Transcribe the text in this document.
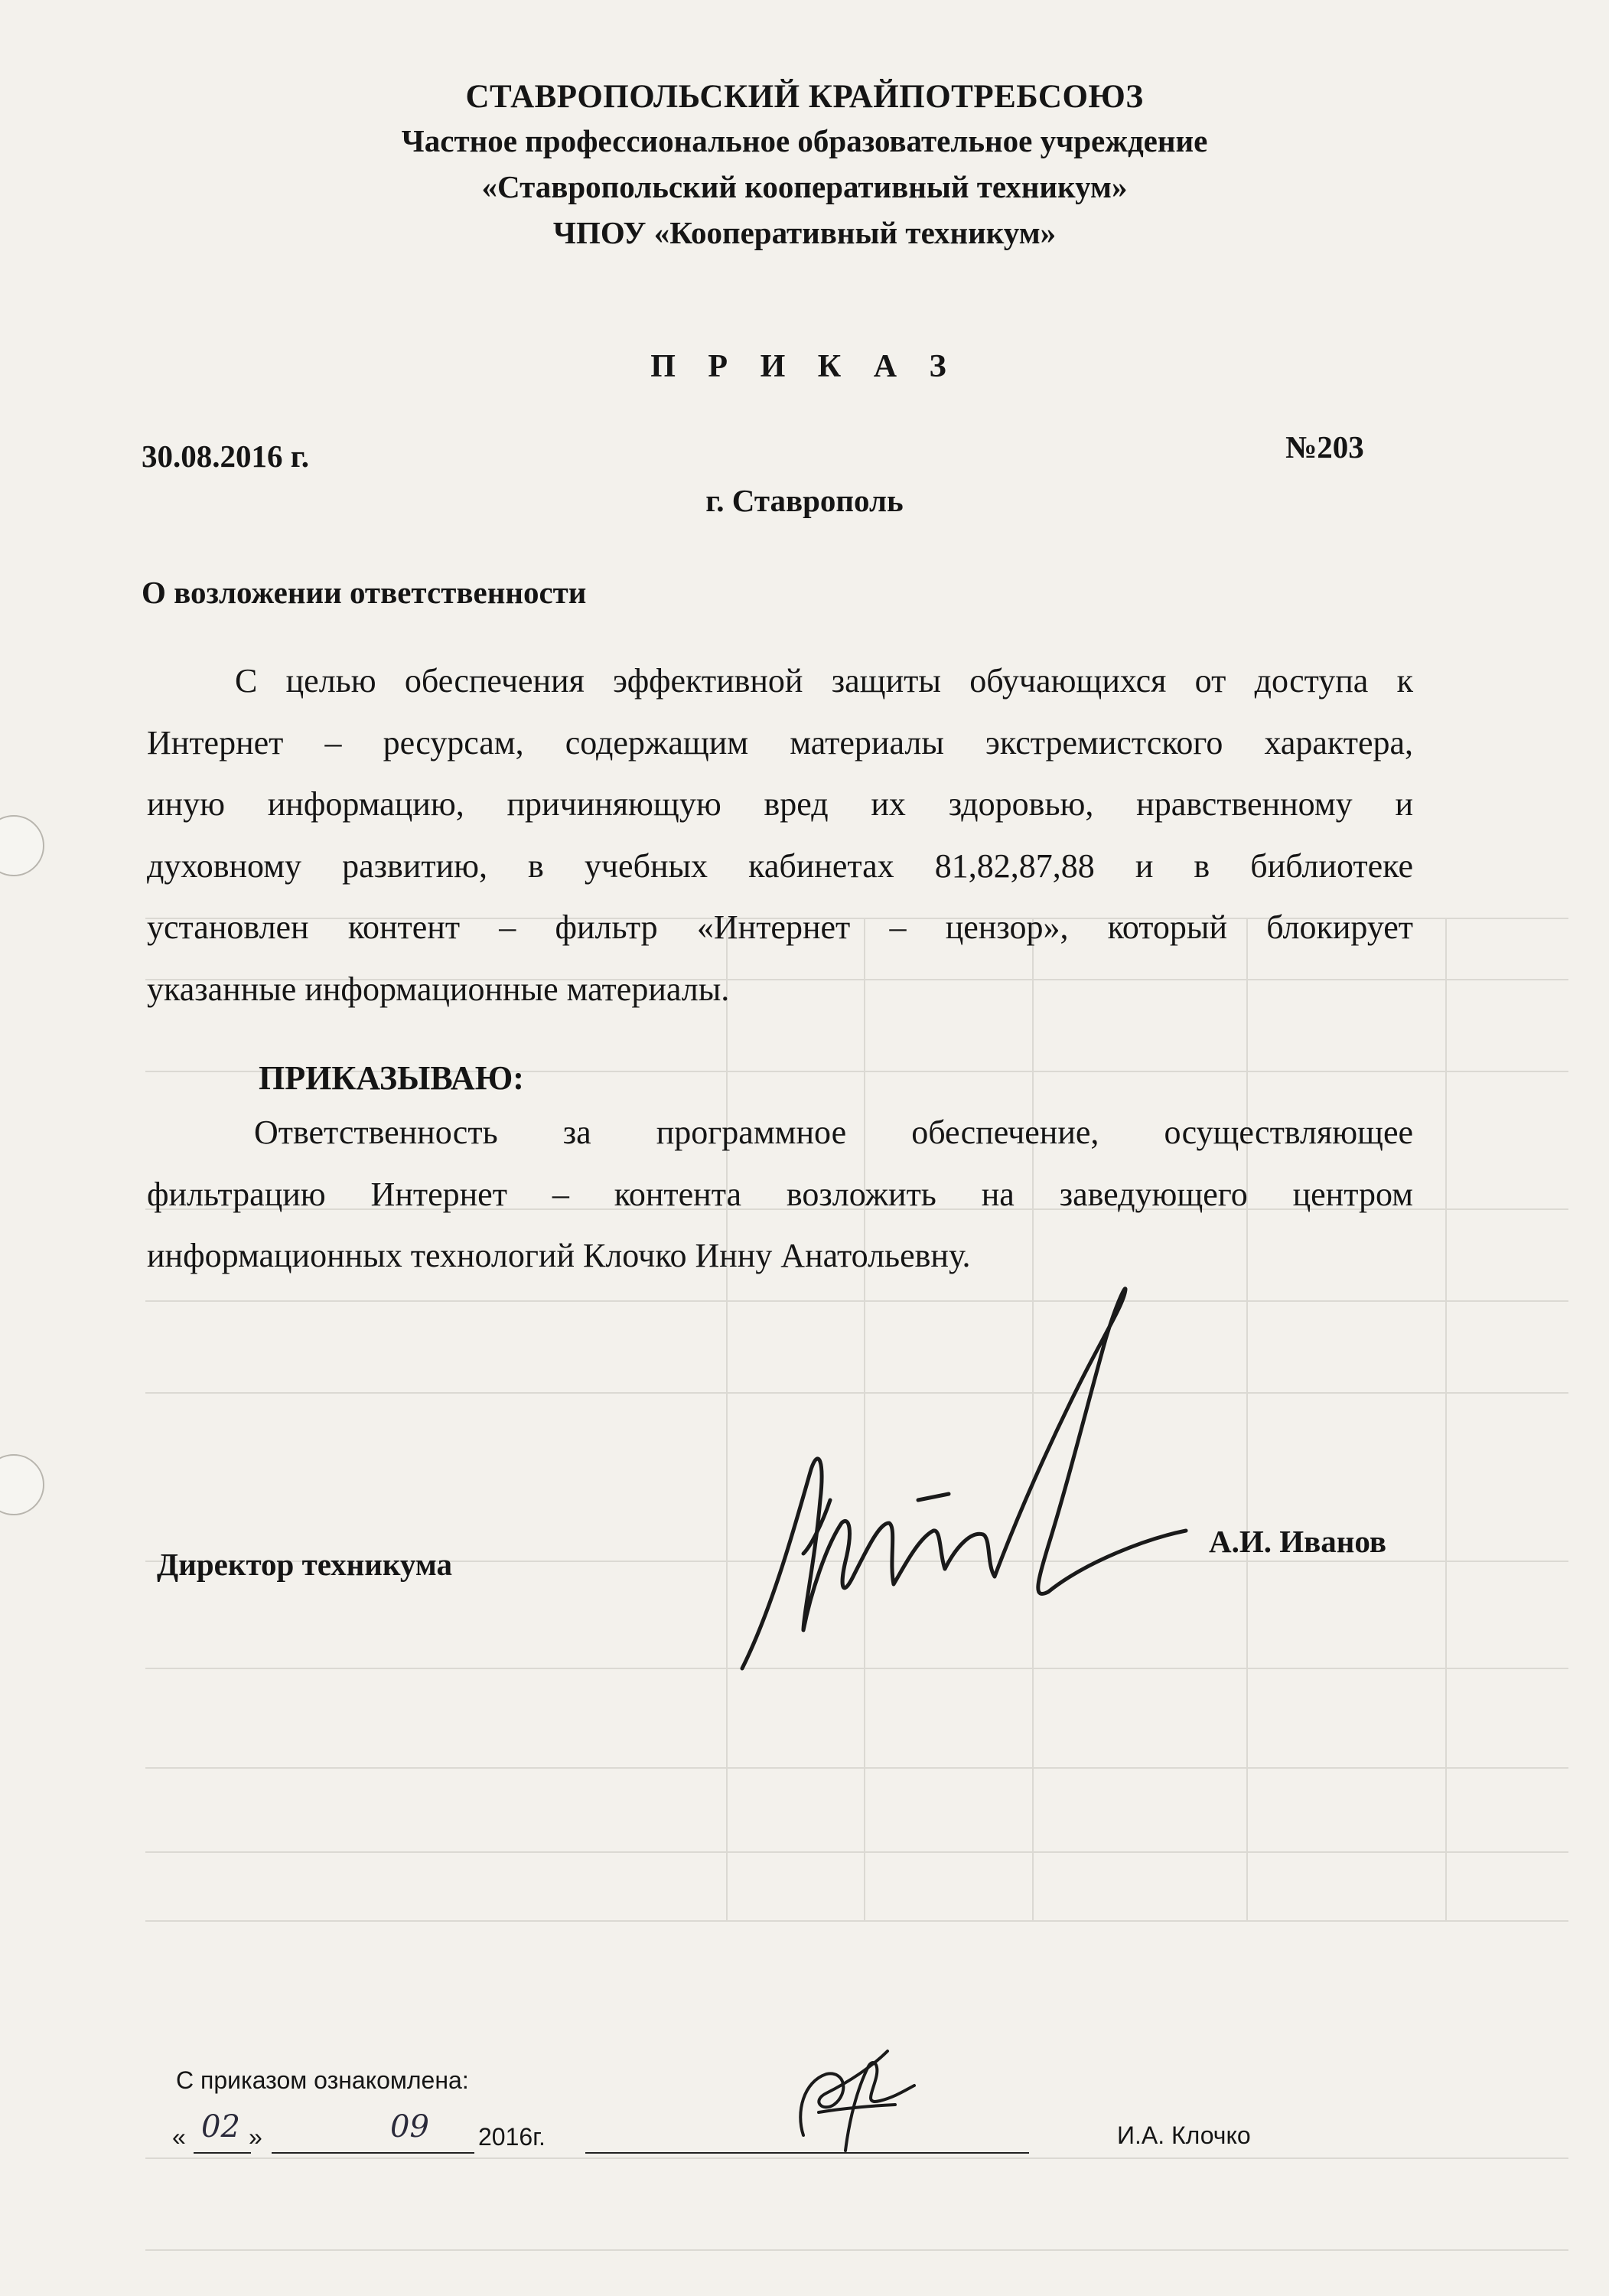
СТАВРОПОЛЬСКИЙ КРАЙПОТРЕБСОЮЗ
Частное профессиональное образовательное учреждение
«Ставропольский кооперативный техникум»
ЧПОУ «Кооперативный техникум»
П Р И К А З
30.08.2016 г.	№203
г. Ставрополь
О возложении ответственности
С целью обеспечения эффективной защиты обучающихся от доступа к
Интернет – ресурсам, содержащим материалы экстремистского характера,
иную информацию, причиняющую вред их здоровью, нравственному и
духовному развитию, в учебных кабинетах 81,82,87,88 и в библиотеке
установлен контент – фильтр «Интернет – цензор», который блокирует
указанные информационные материалы.
ПРИКАЗЫВАЮ:
Ответственность за программное обеспечение, осуществляющее
фильтрацию Интернет – контента возложить на заведующего центром
информационных технологий Клочко Инну Анатольевну.
Директор техникума
А.И. Иванов
С приказом ознакомлена:
« 02 »	09 2016г.	И.А. Клочко
